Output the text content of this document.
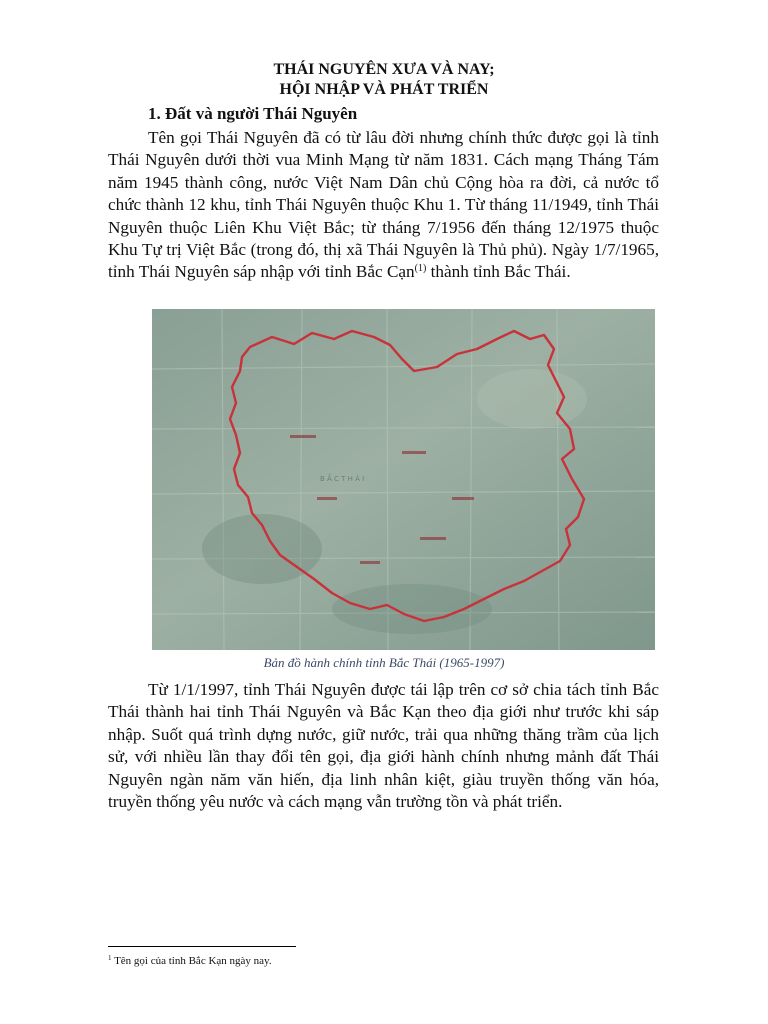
THÁI NGUYÊN XƯA VÀ NAY;
HỘI NHẬP VÀ PHÁT TRIỂN
1. Đất và người Thái Nguyên

Tên gọi Thái Nguyên đã có từ lâu đời nhưng chính thức được gọi là tỉnh Thái Nguyên dưới thời vua Minh Mạng từ năm 1831. Cách mạng Tháng Tám năm 1945 thành công, nước Việt Nam Dân chủ Cộng hòa ra đời, cả nước tổ chức thành 12 khu, tỉnh Thái Nguyên thuộc Khu 1. Từ tháng 11/1949, tỉnh Thái Nguyên thuộc Liên Khu Việt Bắc; từ tháng 7/1956 đến tháng 12/1975 thuộc Khu Tự trị Việt Bắc (trong đó, thị xã Thái Nguyên là Thủ phủ). Ngày 1/7/1965, tỉnh Thái Nguyên sáp nhập với tỉnh Bắc Cạn$^{(1)}$ thành tỉnh Bắc Thái.

B Ắ C T H Á I
Bản đồ hành chính tỉnh Bắc Thái (1965-1997)

Từ 1/1/1997, tỉnh Thái Nguyên được tái lập trên cơ sở chia tách tỉnh Bắc Thái thành hai tỉnh Thái Nguyên và Bắc Kạn theo địa giới như trước khi sáp nhập. Suốt quá trình dựng nước, giữ nước, trải qua những thăng trầm của lịch sử, với nhiều lần thay đổi tên gọi, địa giới hành chính nhưng mảnh đất Thái Nguyên ngàn năm văn hiến, địa linh nhân kiệt, giàu truyền thống văn hóa, truyền thống yêu nước và cách mạng vẫn trường tồn và phát triển.

$^1$ Tên gọi của tỉnh Bắc Kạn ngày nay.
